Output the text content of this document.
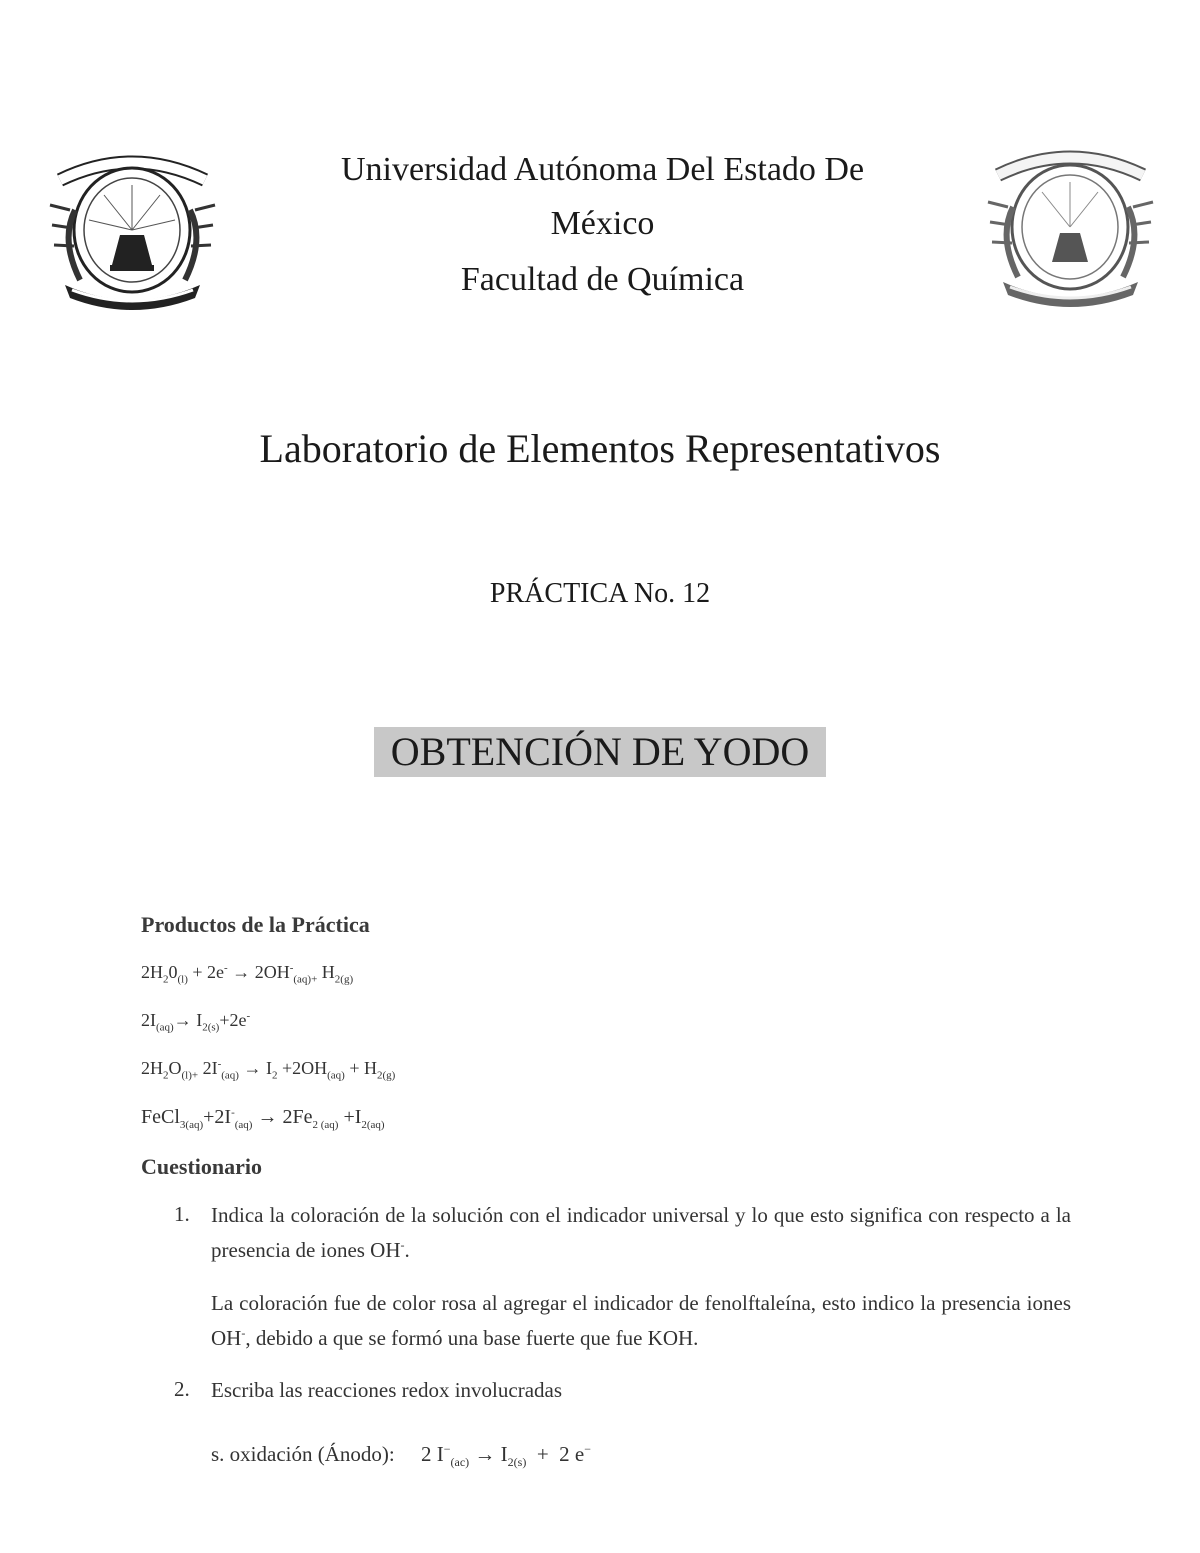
Universidad Autónoma Del Estado De México
Facultad de Química
Laboratorio de Elementos Representativos
PRÁCTICA No. 12
OBTENCIÓN DE YODO
Productos de la Práctica
$2H_20_{(l)} + 2e^- \to 2OH^-_{(aq)+}$ $H_{2(g)}$
$2I_{(aq)}\to I_{2(s)}+2e^-$
$2H_2O_{(l)+}$ $2I^-_{(aq)} \to I_2 +2OH_{(aq)} + H_{2(g)}$
$FeCl_{3(aq)}+2I^-_{(aq)} \to 2Fe_{2 (aq)} +I_{2(aq)}$
Cuestionario
1. Indica la coloración de la solución con el indicador universal y lo que esto significa con respecto a la presencia de iones OH-.
La coloración fue de color rosa al agregar el indicador de fenolftaleína, esto indico la presencia iones OH-, debido a que se formó una base fuerte que fue KOH.
2. Escriba las reacciones redox involucradas
s. oxidación (Ánodo):     2 $I^-_{(ac)} \to I_{2(s)} + 2$ e−
